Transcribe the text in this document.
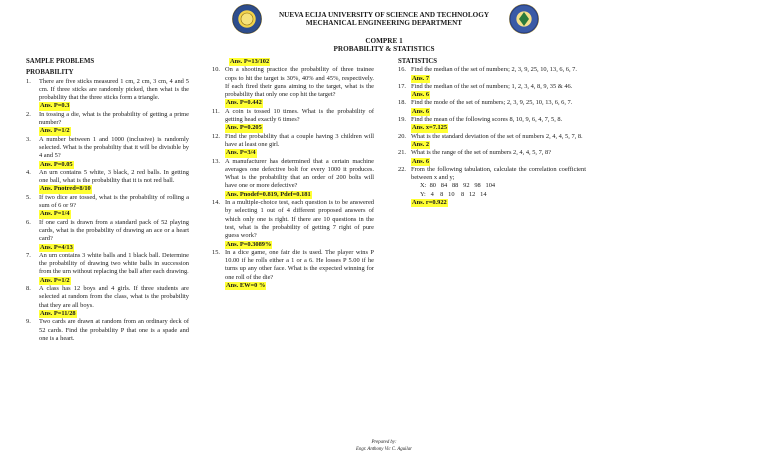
NUEVA ECIJA UNIVERSITY OF SCIENCE AND TECHNOLOGY
MECHANICAL ENGINEERING DEPARTMENT
COMPRE 1
PROBABILITY & STATISTICS

SAMPLE PROBLEMS

PROBABILITY

1.	There are five sticks measured 1 cm, 2 cm, 3 cm, 4 and 5 cm. If three sticks are randomly picked, then what is the probability that the three sticks form a triangle.
Ans. P=0.3
2.	In tossing a die, what is the probability of getting a prime number?
Ans. P=1/2
3.	A number between 1 and 1000 (inclusive) is randomly selected. What is the probability that it will be divisible by 4 and 5?
Ans. P=0.05
4.	An urn contains 5 white, 3 black, 2 red balls. In getting one ball, what is the probability that it is not red ball.
Ans. Pnotred=8/10
5.	If two dice are tossed, what is the probability of rolling a sum of 6 or 9?
Ans. P=1/4
6.	If one card is drawn from a standard pack of 52 playing cards, what is the probability of drawing an ace or a heart card?
Ans. P=4/13
7.	An urn contains 3 white balls and 1 black ball. Determine the probability of drawing two white balls in succession from the urn without replacing the ball after each drawing.
Ans. P=1/2
8.	A class has 12 boys and 4 girls. If three students are selected at random from the class, what is the probability that they are all boys.
Ans. P=11/28
9.	Two cards are drawn at random from an ordinary deck of 52 cards. Find the probability P that one is a spade and one is a heart.
Ans. P=13/102
10. On a shooting practice the probability of three trainee cops to hit the target is 30%, 40% and 45%, respectively. If each fired their guns aiming to the target, what is the probability that only one cop hit the target?
Ans. P=0.442
11. A coin is tossed 10 times. What is the probability of getting head exactly 6 times?
Ans. P=0.205
12. Find the probability that a couple having 3 children will have at least one girl.
Ans. P=3/4
13. A manufacturer has determined that a certain machine averages one defective bolt for every 1000 it produces. What is the probability that an order of 200 bolts will have one or more defective?
Ans. Pnodef=0.819, Pdef=0.181
14. In a multiple-choice test, each question is to be answered by selecting 1 out of 4 different proposed answers of which only one is right. If there are 10 questions in the test, what is the probability of getting 7 right of pure guess work?
Ans. P=0.3089%
15. In a dice game, one fair die is used. The player wins P 10.00 if he rolls either a 1 or a 6. He losses P 5.00 if he turns up any other face. What is the expected winning for one roll of the die?
Ans. EW=0 %

STATISTICS

16. Find the median of the set of numbers; 2, 3, 9, 25, 10, 13, 6, 6, 7.
Ans. 7
17. Find the median of the set of numbers; 1, 2, 3, 4, 8, 9, 35 & 46.
Ans. 6
18. Find the mode of the set of numbers; 2, 3, 9, 25, 10, 13, 6, 6, 7.
Ans. 6
19. Find the mean of the following scores 8, 10, 9, 6, 4, 7, 5, 8.
Ans. x=7.125
20. What is the standard deviation of the set of numbers 2, 4, 4, 5, 7, 8.
Ans. 2
21. What is the range of the set of numbers 2, 4, 4, 5, 7, 8?
Ans. 6
22. From the following tabulation, calculate the correlation coefficient between x and y;
X:  80   84   88   92   98   104
Y:   4    8   10    8   12   14
Ans. r=0.922
Prepared by:
Engr. Anthony Vic C. Aguilar
